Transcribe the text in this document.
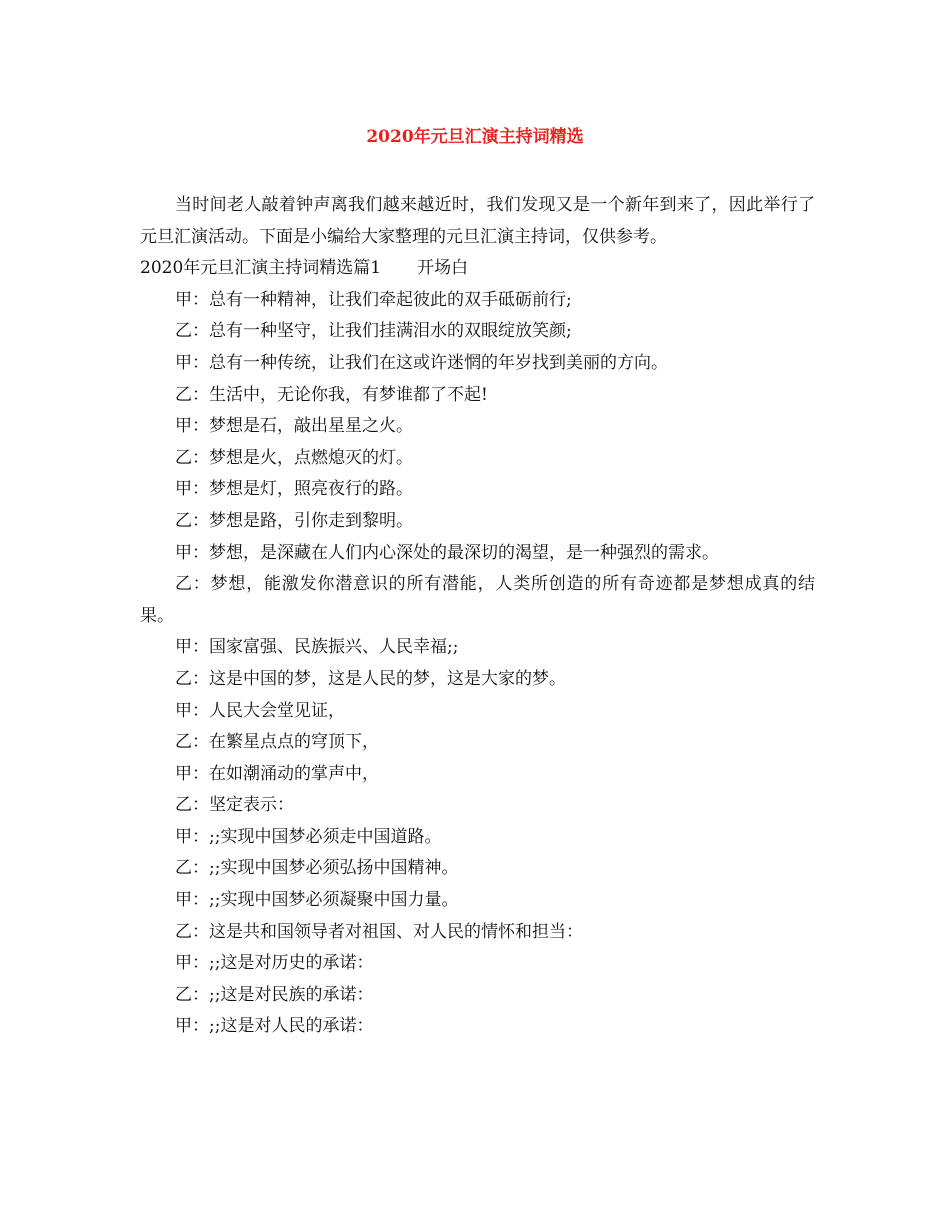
2020年元旦汇演主持词精选

当时间老人敲着钟声离我们越来越近时，我们发现又是一个新年到来了，因此举行了元旦汇演活动。下面是小编给大家整理的元旦汇演主持词，仅供参考。

2020年元旦汇演主持词精选篇1 开场白

甲：总有一种精神，让我们牵起彼此的双手砥砺前行;

乙：总有一种坚守，让我们挂满泪水的双眼绽放笑颜;

甲：总有一种传统，让我们在这或许迷惘的年岁找到美丽的方向。

乙：生活中，无论你我，有梦谁都了不起!

甲：梦想是石，敲出星星之火。

乙：梦想是火，点燃熄灭的灯。

甲：梦想是灯，照亮夜行的路。

乙：梦想是路，引你走到黎明。

甲：梦想，是深藏在人们内心深处的最深切的渴望，是一种强烈的需求。

乙：梦想，能激发你潜意识的所有潜能，人类所创造的所有奇迹都是梦想成真的结果。

甲：国家富强、民族振兴、人民幸福;;

乙：这是中国的梦，这是人民的梦，这是大家的梦。

甲：人民大会堂见证，

乙：在繁星点点的穹顶下，

甲：在如潮涌动的掌声中，

乙：坚定表示：

甲：;;实现中国梦必须走中国道路。

乙：;;实现中国梦必须弘扬中国精神。

甲：;;实现中国梦必须凝聚中国力量。

乙：这是共和国领导者对祖国、对人民的情怀和担当：

甲：;;这是对历史的承诺：

乙：;;这是对民族的承诺：

甲：;;这是对人民的承诺：
